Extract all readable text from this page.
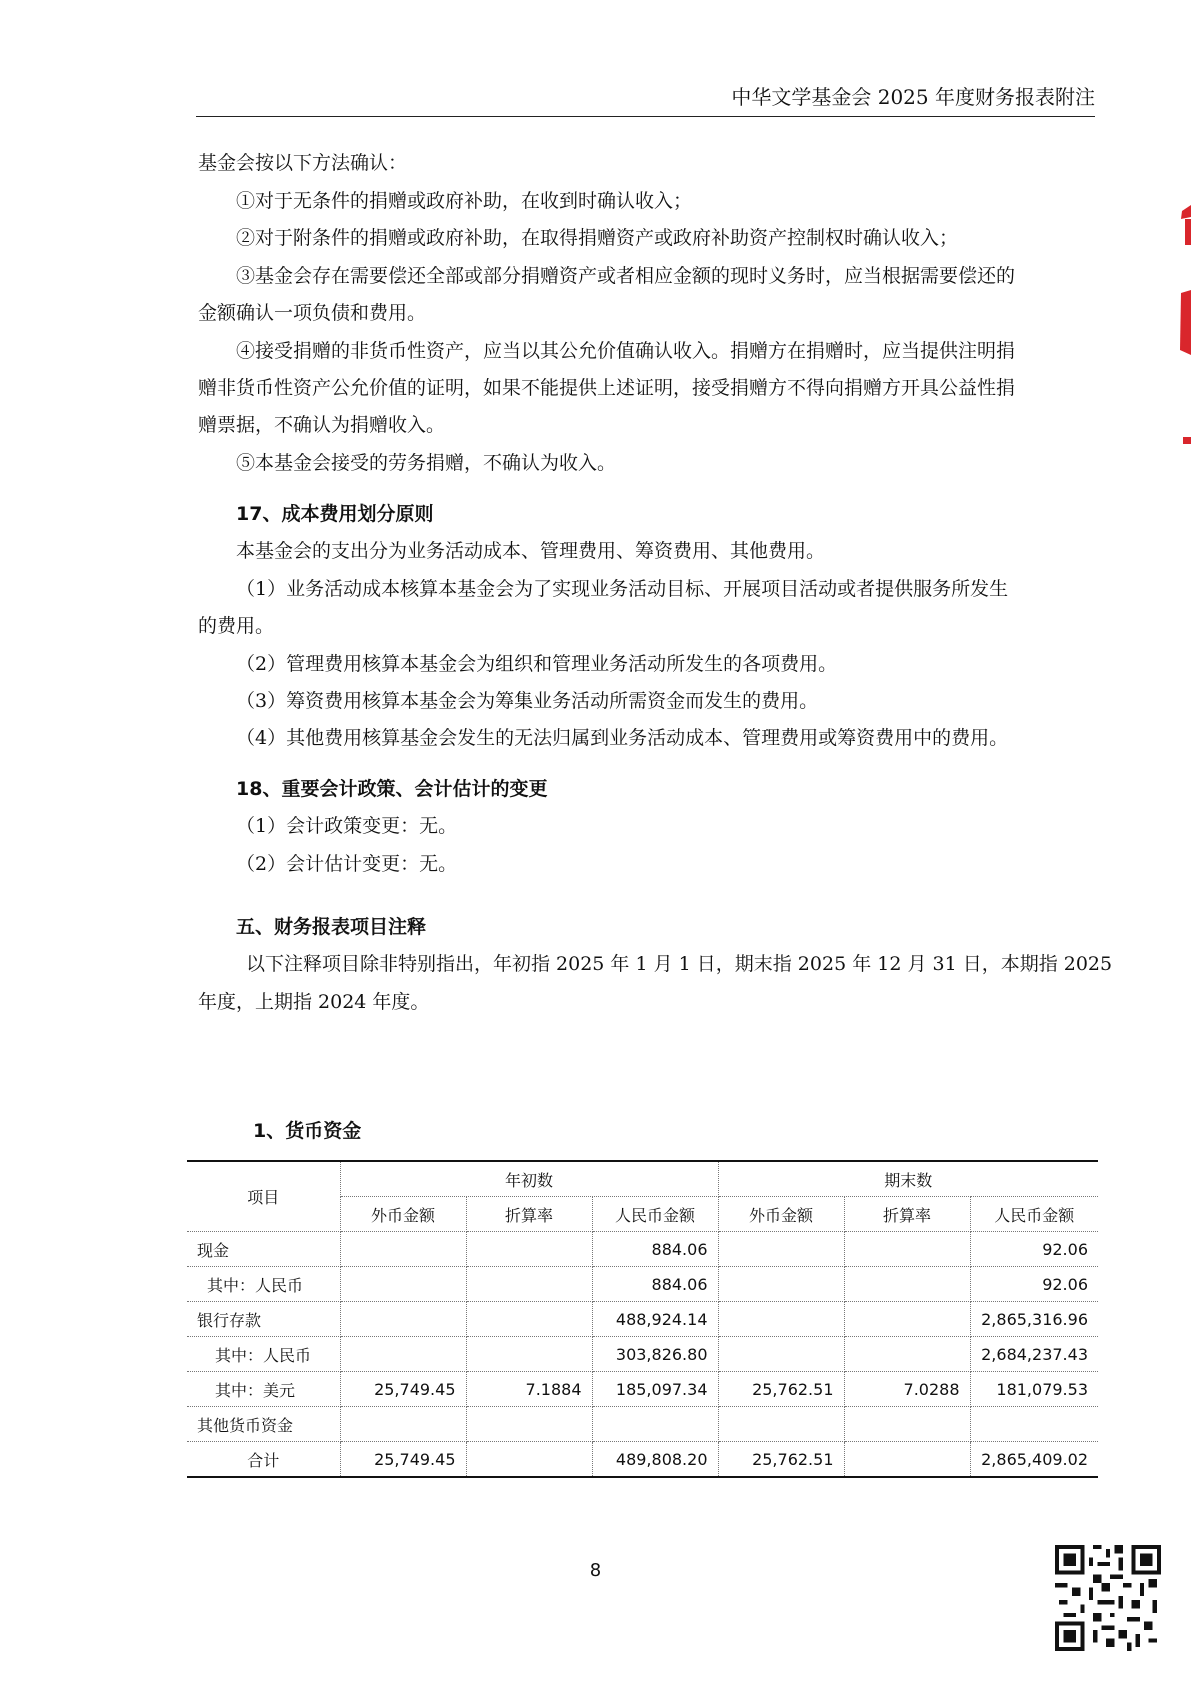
中华文学基金会 2025 年度财务报表附注
基金会按以下方法确认：
①对于无条件的捐赠或政府补助，在收到时确认收入；
②对于附条件的捐赠或政府补助，在取得捐赠资产或政府补助资产控制权时确认收入；
③基金会存在需要偿还全部或部分捐赠资产或者相应金额的现时义务时，应当根据需要偿还的
金额确认一项负债和费用。
④接受捐赠的非货币性资产，应当以其公允价值确认收入。捐赠方在捐赠时，应当提供注明捐
赠非货币性资产公允价值的证明，如果不能提供上述证明，接受捐赠方不得向捐赠方开具公益性捐
赠票据，不确认为捐赠收入。
⑤本基金会接受的劳务捐赠，不确认为收入。
17、成本费用划分原则
本基金会的支出分为业务活动成本、管理费用、筹资费用、其他费用。
（1）业务活动成本核算本基金会为了实现业务活动目标、开展项目活动或者提供服务所发生
的费用。
（2）管理费用核算本基金会为组织和管理业务活动所发生的各项费用。
（3）筹资费用核算本基金会为筹集业务活动所需资金而发生的费用。
（4）其他费用核算基金会发生的无法归属到业务活动成本、管理费用或筹资费用中的费用。
18、重要会计政策、会计估计的变更
（1）会计政策变更：无。
（2）会计估计变更：无。
五、财务报表项目注释
以下注释项目除非特别指出，年初指 2025 年 1 月 1 日，期末指 2025 年 12 月 31 日，本期指 2025
年度，上期指 2024 年度。
1、货币资金
项目	年初数			期末数		
	外币金额	折算率	人民币金额	外币金额	折算率	人民币金额
现金			884.06			92.06
其中：人民币			884.06			92.06
银行存款			488,924.14			2,865,316.96
其中：人民币			303,826.80			2,684,237.43
其中：美元	25,749.45	7.1884	185,097.34	25,762.51	7.0288	181,079.53
其他货币资金						
合计	25,749.45		489,808.20	25,762.51		2,865,409.02
8
